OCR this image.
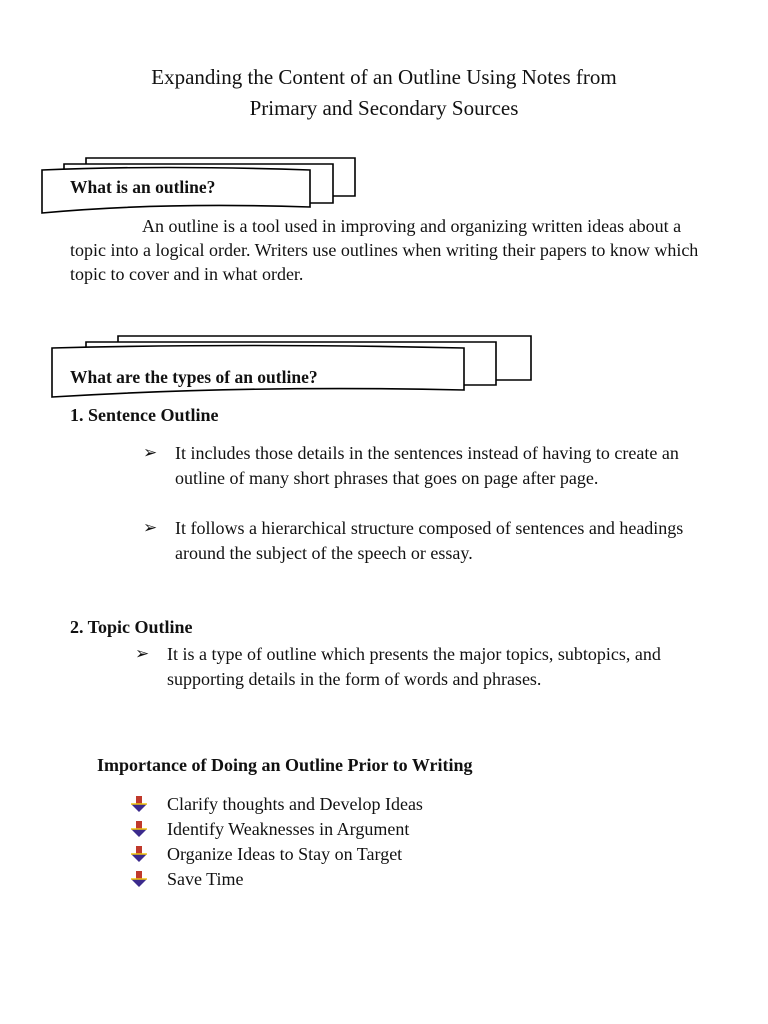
Expanding the Content of an Outline Using Notes from
Primary and Secondary Sources
What is an outline?
An outline is a tool used in improving and organizing written ideas about a topic into a logical order. Writers use outlines when writing their papers to know which topic to cover and in what order.
What are the types of an outline?
1. Sentence Outline
➢ It includes those details in the sentences instead of having to create an outline of many short phrases that goes on page after page.
➢ It follows a hierarchical structure composed of sentences and headings around the subject of the speech or essay.
2. Topic Outline
➢ It is a type of outline which presents the major topics, subtopics, and supporting details in the form of words and phrases.
Importance of Doing an Outline Prior to Writing
Clarify thoughts and Develop Ideas
Identify Weaknesses in Argument
Organize Ideas to Stay on Target
Save Time
